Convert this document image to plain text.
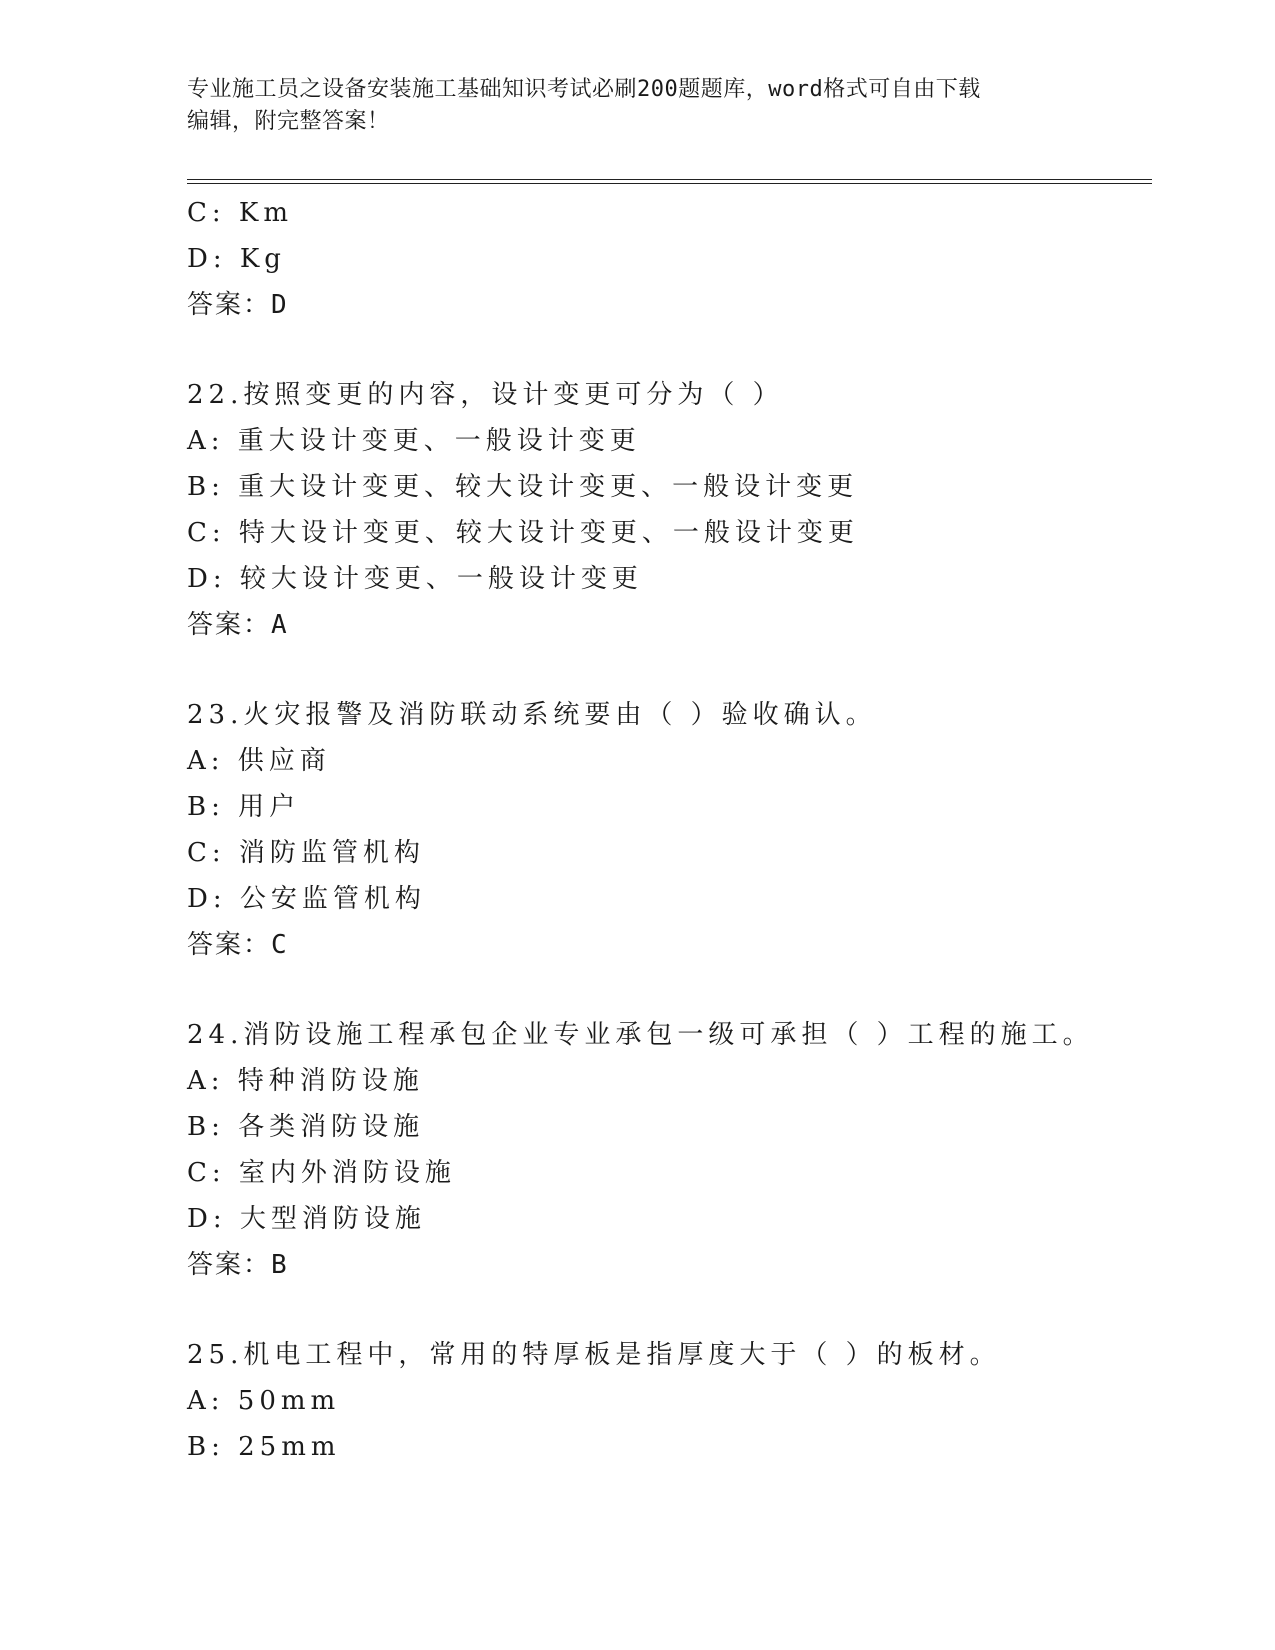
专业施工员之设备安装施工基础知识考试必刷200题题库，word格式可自由下载
编辑，附完整答案！
C: Km
D: Kg
答案：D
22.按照变更的内容，设计变更可分为（ ）
A: 重大设计变更、一般设计变更
B: 重大设计变更、较大设计变更、一般设计变更
C: 特大设计变更、较大设计变更、一般设计变更
D: 较大设计变更、一般设计变更
答案：A
23.火灾报警及消防联动系统要由（ ）验收确认。
A: 供应商
B: 用户
C: 消防监管机构
D: 公安监管机构
答案：C
24.消防设施工程承包企业专业承包一级可承担（ ）工程的施工。
A: 特种消防设施
B: 各类消防设施
C: 室内外消防设施
D: 大型消防设施
答案：B
25.机电工程中，常用的特厚板是指厚度大于（ ）的板材。
A: 50mm
B: 25mm
